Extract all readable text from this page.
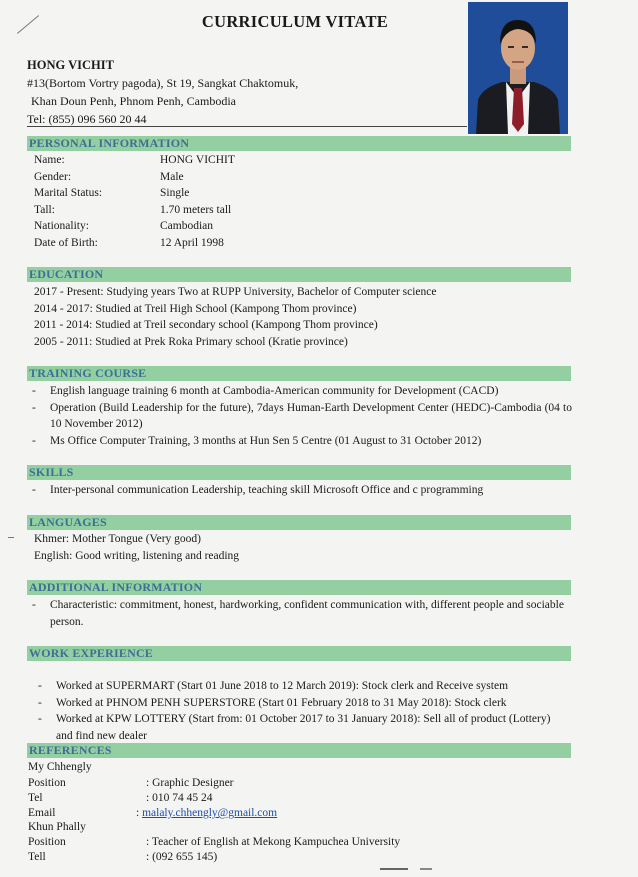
CURRICULUM VITATE
HONG VICHIT
#13(Bortom Vortry pagoda), St 19, Sangkat Chaktomuk,
Khan Doun Penh, Phnom Penh, Cambodia
Tel: (855) 096 560 20 44
PERSONAL INFORMATION
Name:	HONG VICHIT
Gender:	Male
Marital Status:	Single
Tall:	1.70 meters tall
Nationality:	Cambodian
Date of Birth:	12 April 1998
EDUCATION
2017 - Present: Studying years Two at RUPP University, Bachelor of Computer science
2014 - 2017: Studied at Treil High School (Kampong Thom province)
2011 - 2014: Studied at Treil secondary school (Kampong Thom province)
2005 - 2011: Studied at Prek Roka Primary school (Kratie province)
TRAINING COURSE
- English language training 6 month at Cambodia-American community for Development (CACD)
- Operation (Build Leadership for the future), 7days Human-Earth Development Center (HEDC)-Cambodia (04 to 10 November 2012)
- Ms Office Computer Training, 3 months at Hun Sen 5 Centre (01 August to 31 October 2012)
SKILLS
- Inter-personal communication Leadership, teaching skill Microsoft Office and c programming
LANGUAGES
Khmer: Mother Tongue (Very good)
English: Good writing, listening and reading
ADDITIONAL INFORMATION
- Characteristic: commitment, honest, hardworking, confident communication with, different people and sociable person.
WORK EXPERIENCE
- Worked at SUPERMART (Start 01 June 2018 to 12 March 2019): Stock clerk and Receive system
- Worked at PHNOM PENH SUPERSTORE (Start 01 February 2018 to 31 May 2018): Stock clerk
- Worked at KPW LOTTERY (Start from: 01 October 2017 to 31 January 2018): Sell all of product (Lottery) and find new dealer
REFERENCES
My Chhengly
Position	: Graphic Designer
Tel	: 010 74 45 24
Email	: malaly.chhengly@gmail.com
Khun Phally
Position	: Teacher of English at Mekong Kampuchea University
Tell	: (092 655 145)
